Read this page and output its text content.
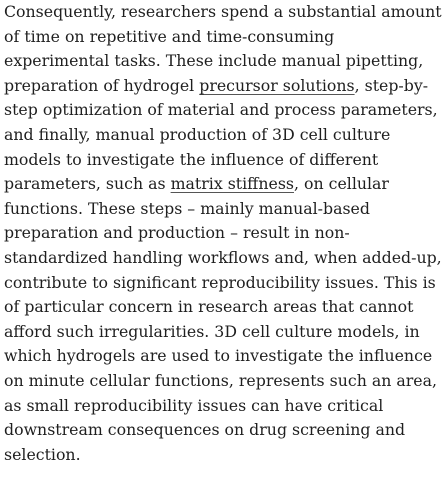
Consequently, researchers spend a substantial amount
of time on repetitive and time-consuming
experimental tasks. These include manual pipetting,
preparation of hydrogel precursor solutions, step-by-
step optimization of material and process parameters,
and finally, manual production of 3D cell culture
models to investigate the influence of different
parameters, such as matrix stiffness, on cellular
functions. These steps – mainly manual-based
preparation and production – result in non-
standardized handling workflows and, when added-up,
contribute to significant reproducibility issues. This is
of particular concern in research areas that cannot
afford such irregularities. 3D cell culture models, in
which hydrogels are used to investigate the influence
on minute cellular functions, represents such an area,
as small reproducibility issues can have critical
downstream consequences on drug screening and
selection.
